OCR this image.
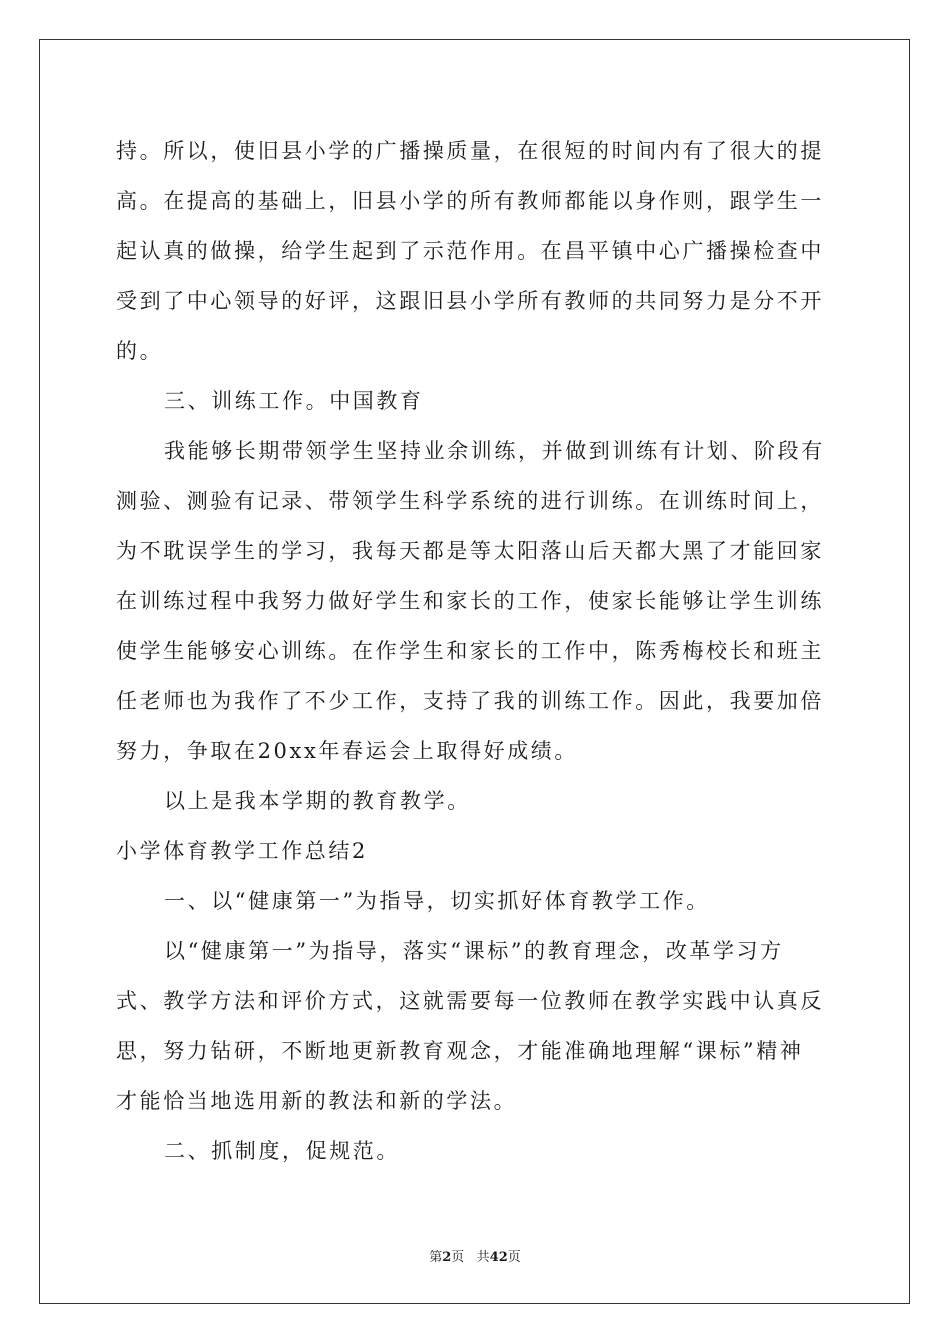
持。所以，使旧县小学的广播操质量，在很短的时间内有了很大的提
高。在提高的基础上，旧县小学的所有教师都能以身作则，跟学生一
起认真的做操，给学生起到了示范作用。在昌平镇中心广播操检查中
受到了中心领导的好评，这跟旧县小学所有教师的共同努力是分不开
的。
三、训练工作。中国教育
我能够长期带领学生坚持业余训练，并做到训练有计划、阶段有
测验、测验有记录、带领学生科学系统的进行训练。在训练时间上，
为不耽误学生的学习，我每天都是等太阳落山后天都大黑了才能回家
在训练过程中我努力做好学生和家长的工作，使家长能够让学生训练
使学生能够安心训练。在作学生和家长的工作中，陈秀梅校长和班主
任老师也为我作了不少工作，支持了我的训练工作。因此，我要加倍
努力，争取在20xx年春运会上取得好成绩。
以上是我本学期的教育教学。
小学体育教学工作总结2
一、以“健康第一”为指导，切实抓好体育教学工作。
以“健康第一”为指导，落实“课标”的教育理念，改革学习方
式、教学方法和评价方式，这就需要每一位教师在教学实践中认真反
思，努力钻研，不断地更新教育观念，才能准确地理解“课标”精神
才能恰当地选用新的教法和新的学法。
二、抓制度，促规范。
第2页 共42页
